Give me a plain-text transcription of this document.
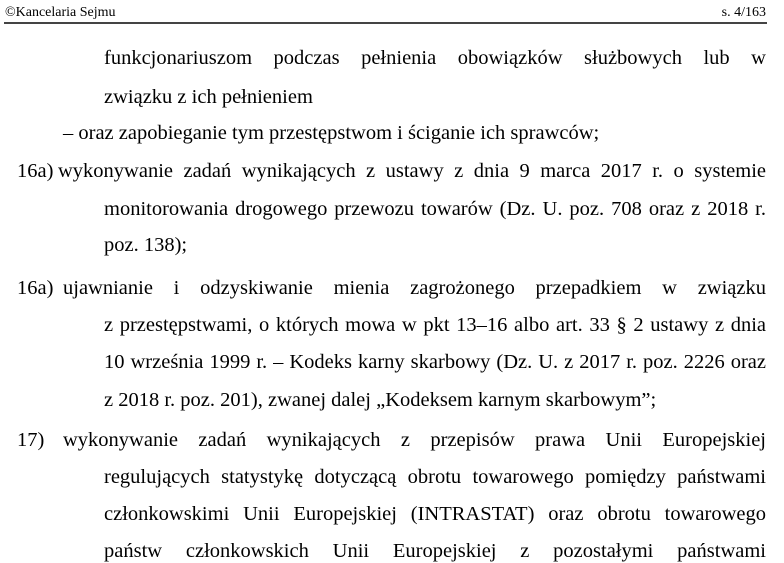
©Kancelaria Sejmu	s. 4/163
funkcjonariuszom podczas pełnienia obowiązków służbowych lub w
związku z ich pełnieniem
– oraz zapobieganie tym przestępstwom i ściganie ich sprawców;
16a) wykonywanie zadań wynikających z ustawy z dnia 9 marca 2017 r. o systemie
monitorowania drogowego przewozu towarów (Dz. U. poz. 708 oraz z 2018 r.
poz. 138);
16a) ujawnianie i odzyskiwanie mienia zagrożonego przepadkiem w związku
z przestępstwami, o których mowa w pkt 13–16 albo art. 33 § 2 ustawy z dnia
10 września 1999 r. – Kodeks karny skarbowy (Dz. U. z 2017 r. poz. 2226 oraz
z 2018 r. poz. 201), zwanej dalej „Kodeksem karnym skarbowym”;
17) wykonywanie zadań wynikających z przepisów prawa Unii Europejskiej
regulujących statystykę dotyczącą obrotu towarowego pomiędzy państwami
członkowskimi Unii Europejskiej (INTRASTAT) oraz obrotu towarowego
państw członkowskich Unii Europejskiej z pozostałymi państwami
